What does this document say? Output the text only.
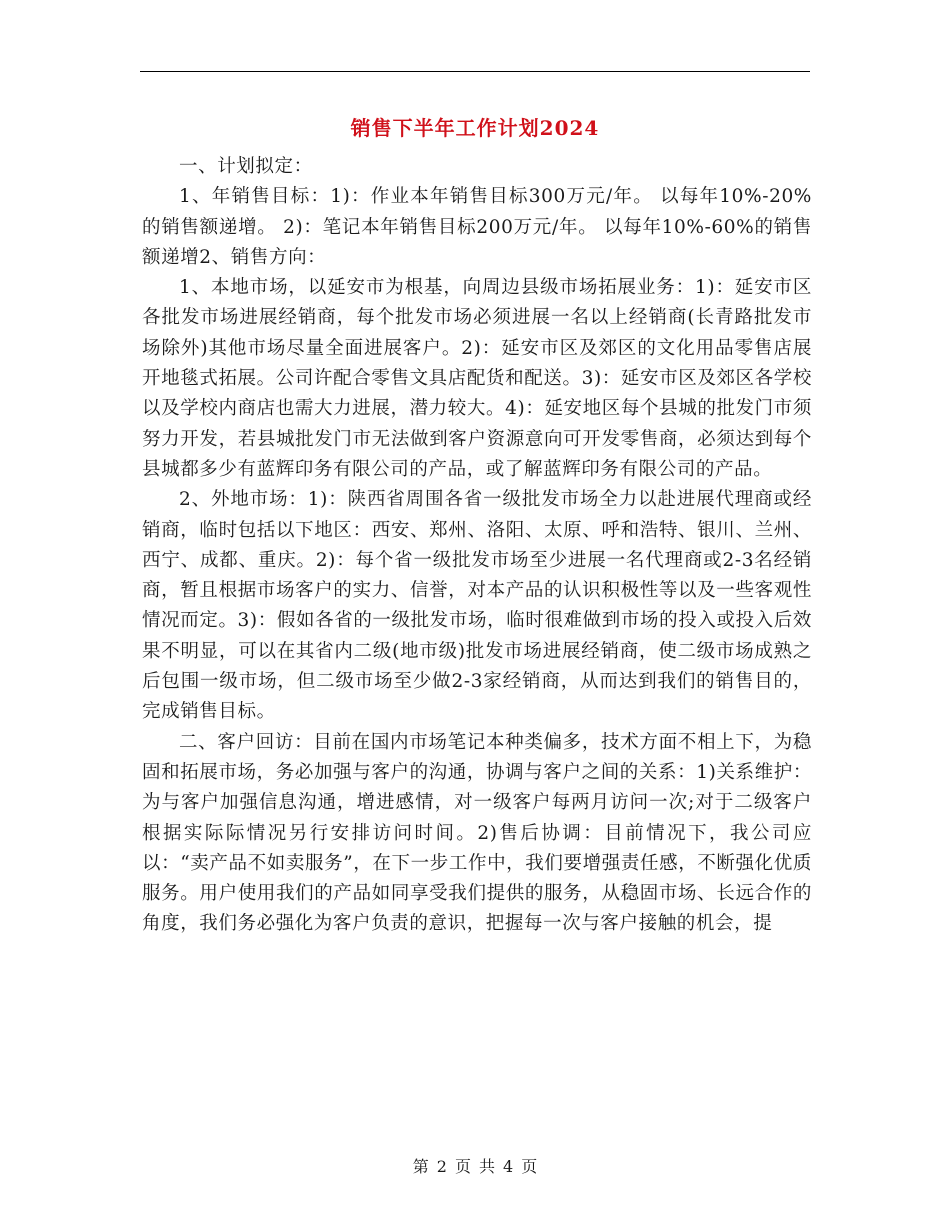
销售下半年工作计划2024

一、计划拟定：

1、年销售目标：1)：作业本年销售目标300万元/年。 以每年10%-20%的销售额递增。 2)：笔记本年销售目标200万元/年。 以每年10%-60%的销售额递增2、销售方向：

1、本地市场，以延安市为根基，向周边县级市场拓展业务：1)：延安市区各批发市场进展经销商，每个批发市场必须进展一名以上经销商(长青路批发市场除外)其他市场尽量全面进展客户。2)：延安市区及郊区的文化用品零售店展开地毯式拓展。公司许配合零售文具店配货和配送。3)：延安市区及郊区各学校以及学校内商店也需大力进展，潜力较大。4)：延安地区每个县城的批发门市须努力开发，若县城批发门市无法做到客户资源意向可开发零售商，必须达到每个县城都多少有蓝辉印务有限公司的产品，或了解蓝辉印务有限公司的产品。

2、外地市场：1)：陕西省周围各省一级批发市场全力以赴进展代理商或经销商，临时包括以下地区：西安、郑州、洛阳、太原、呼和浩特、银川、兰州、西宁、成都、重庆。2)：每个省一级批发市场至少进展一名代理商或2-3名经销商，暂且根据市场客户的实力、信誉，对本产品的认识积极性等以及一些客观性情况而定。3)：假如各省的一级批发市场，临时很难做到市场的投入或投入后效果不明显，可以在其省内二级(地市级)批发市场进展经销商，使二级市场成熟之后包围一级市场，但二级市场至少做2-3家经销商，从而达到我们的销售目的，完成销售目标。

二、客户回访：目前在国内市场笔记本种类偏多，技术方面不相上下，为稳固和拓展市场，务必加强与客户的沟通，协调与客户之间的关系：1)关系维护：为与客户加强信息沟通，增进感情，对一级客户每两月访问一次;对于二级客户根据实际际情况另行安排访问时间。2)售后协调：目前情况下，我公司应以：“卖产品不如卖服务”，在下一步工作中，我们要增强责任感，不断强化优质服务。用户使用我们的产品如同享受我们提供的服务，从稳固市场、长远合作的角度，我们务必强化为客户负责的意识，把握每一次与客户接触的机会，提

第 2 页 共 4 页
